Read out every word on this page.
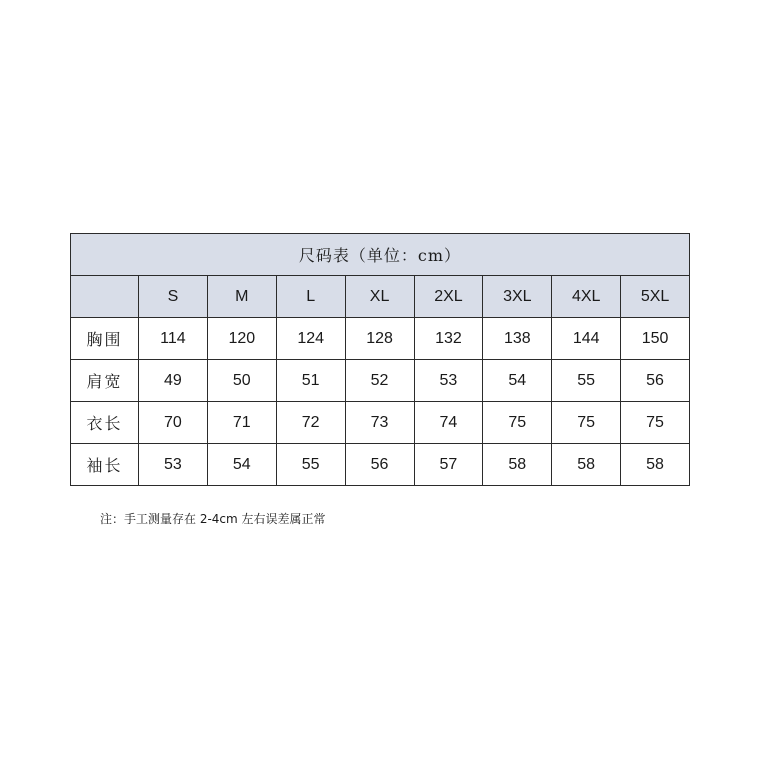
尺码表（单位：cm）								
	S	M	L	XL	2XL	3XL	4XL	5XL
胸围	114	120	124	128	132	138	144	150
肩宽	49	50	51	52	53	54	55	56
衣长	70	71	72	73	74	75	75	75
袖长	53	54	55	56	57	58	58	58
注：手工测量存在 2-4cm 左右误差属正常
